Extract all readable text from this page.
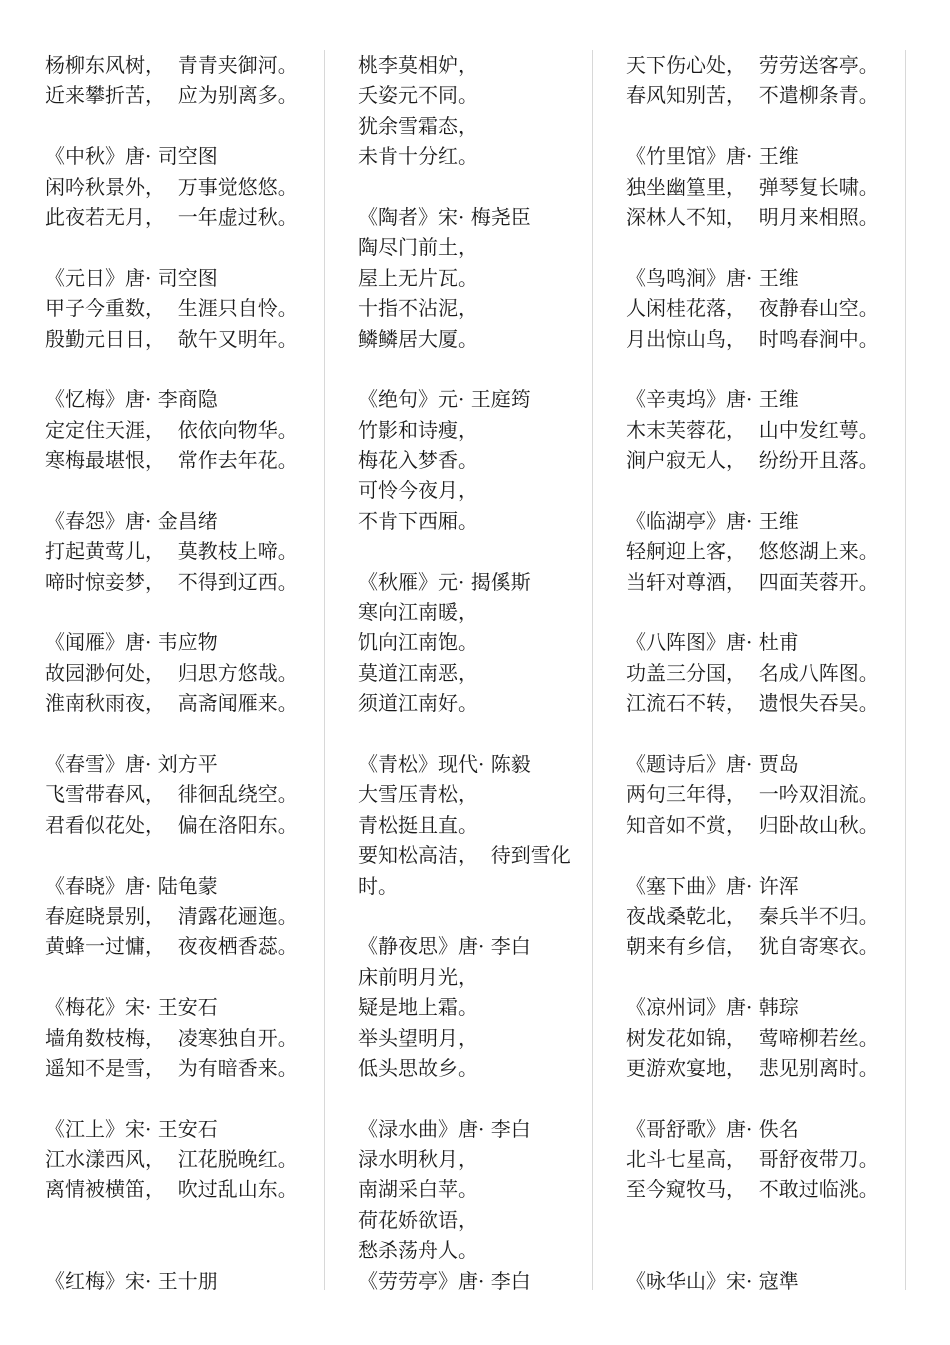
杨柳东风树，  青青夹御河。
近来攀折苦，  应为别离多。
《中秋》唐· 司空图
闲吟秋景外，  万事觉悠悠。
此夜若无月，  一年虚过秋。
《元日》唐· 司空图
甲子今重数，  生涯只自怜。
殷勤元日日，  欹午又明年。
《忆梅》唐· 李商隐
定定住天涯，  依依向物华。
寒梅最堪恨，  常作去年花。
《春怨》唐· 金昌绪
打起黄莺儿，  莫教枝上啼。
啼时惊妾梦，  不得到辽西。
《闻雁》唐· 韦应物
故园渺何处，  归思方悠哉。
淮南秋雨夜，  高斋闻雁来。
《春雪》唐· 刘方平
飞雪带春风，  徘徊乱绕空。
君看似花处，  偏在洛阳东。
《春晓》唐· 陆龟蒙
春庭晓景别，  清露花逦迤。
黄蜂一过慵，  夜夜栖香蕊。
《梅花》宋· 王安石
墙角数枝梅，  凌寒独自开。
遥知不是雪，  为有暗香来。
《江上》宋· 王安石
江水漾西风，  江花脱晚红。
离情被横笛，  吹过乱山东。
《红梅》宋· 王十朋
桃李莫相妒，
夭姿元不同。
犹余雪霜态，
未肯十分红。
《陶者》宋· 梅尧臣
陶尽门前土，
屋上无片瓦。
十指不沾泥，
鳞鳞居大厦。
《绝句》元· 王庭筠
竹影和诗瘦，
梅花入梦香。
可怜今夜月，
不肯下西厢。
《秋雁》元· 揭傒斯
寒向江南暖，
饥向江南饱。
莫道江南恶，
须道江南好。
《青松》现代· 陈毅
大雪压青松，
青松挺且直。
要知松高洁，  待到雪化
时。
《静夜思》唐· 李白
床前明月光，
疑是地上霜。
举头望明月，
低头思故乡。
《渌水曲》唐· 李白
渌水明秋月，
南湖采白苹。
荷花娇欲语，
愁杀荡舟人。
《劳劳亭》唐· 李白
天下伤心处，  劳劳送客亭。
春风知别苦，  不遣柳条青。
《竹里馆》唐· 王维
独坐幽篁里，  弹琴复长啸。
深林人不知，  明月来相照。
《鸟鸣涧》唐· 王维
人闲桂花落，  夜静春山空。
月出惊山鸟，  时鸣春涧中。
《辛夷坞》唐· 王维
木末芙蓉花，  山中发红萼。
涧户寂无人，  纷纷开且落。
《临湖亭》唐· 王维
轻舸迎上客，  悠悠湖上来。
当轩对尊酒，  四面芙蓉开。
《八阵图》唐· 杜甫
功盖三分国，  名成八阵图。
江流石不转，  遗恨失吞吴。
《题诗后》唐· 贾岛
两句三年得，  一吟双泪流。
知音如不赏，  归卧故山秋。
《塞下曲》唐· 许浑
夜战桑乾北，  秦兵半不归。
朝来有乡信，  犹自寄寒衣。
《凉州词》唐· 韩琮
树发花如锦，  莺啼柳若丝。
更游欢宴地，  悲见别离时。
《哥舒歌》唐· 佚名
北斗七星高，  哥舒夜带刀。
至今窥牧马，  不敢过临洮。
《咏华山》宋· 寇準
